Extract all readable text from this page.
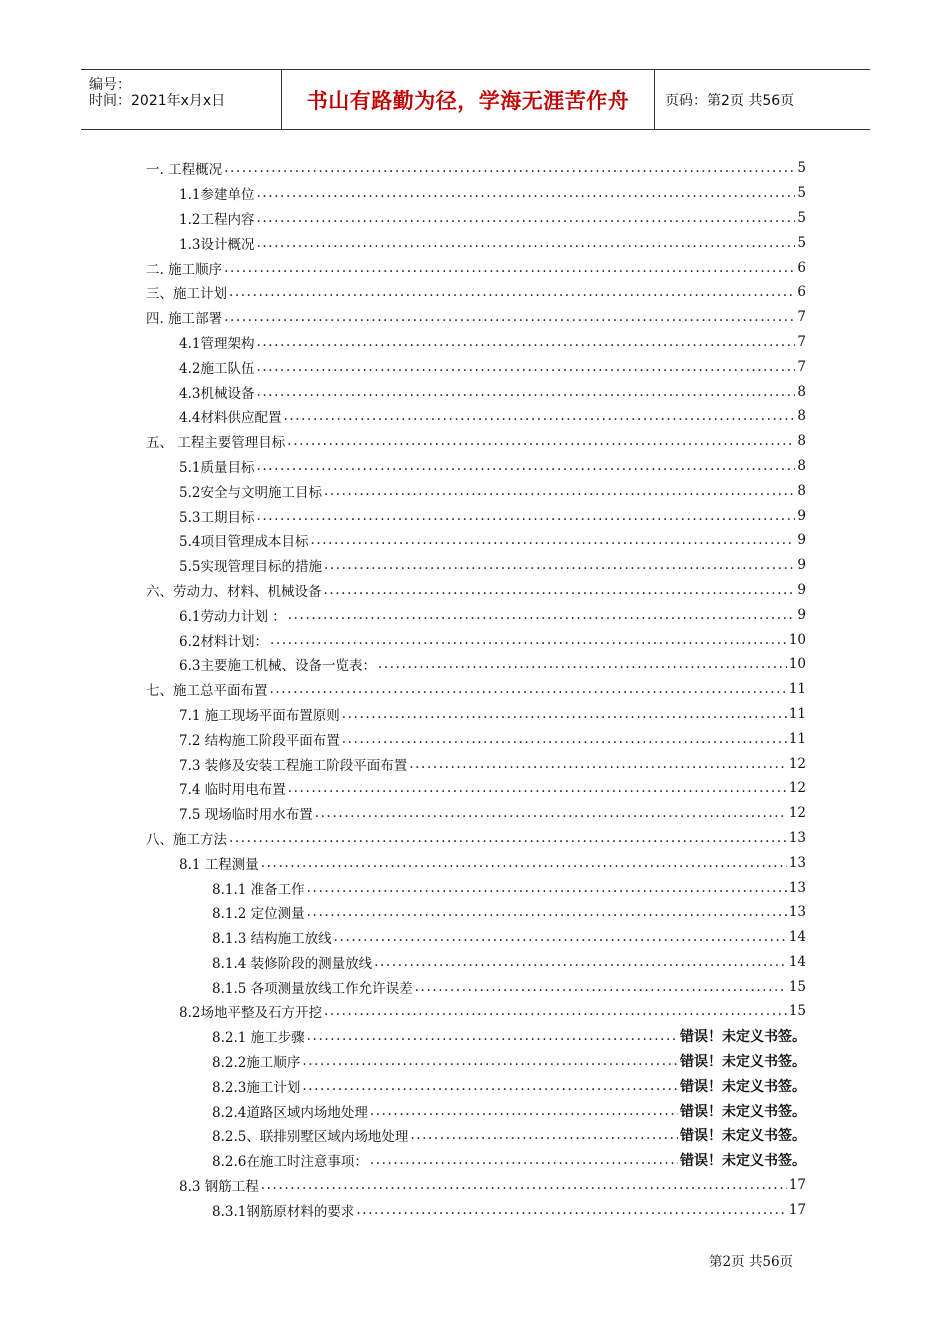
编号：
时间：2021年x月x日	书山有路勤为径，学海无涯苦作舟	页码：第2页 共56页
一. 工程概况 .....	5
1.1参建单位 .....	5
1.2工程内容 .....	5
1.3设计概况 .....	5
二. 施工顺序 .....	6
三、施工计划 .....	6
四. 施工部署 .....	7
4.1管理架构 .....	7
4.2施工队伍 .....	7
4.3机械设备 .....	8
4.4材料供应配置 .....	8
五、 工程主要管理目标 .....	8
5.1质量目标 .....	8
5.2安全与文明施工目标 .....	8
5.3工期目标 .....	9
5.4项目管理成本目标 .....	9
5.5实现管理目标的措施 .....	9
六、劳动力、材料、机械设备 .....	9
6.1劳动力计划 ： .....	9
6.2材料计划： .....	10
6.3主要施工机械、设备一览表： .....	10
七、施工总平面布置 .....	11
7.1 施工现场平面布置原则 .....	11
7.2 结构施工阶段平面布置 .....	11
7.3 装修及安装工程施工阶段平面布置 .....	12
7.4 临时用电布置 .....	12
7.5 现场临时用水布置 .....	12
八、施工方法 .....	13
8.1 工程测量 .....	13
8.1.1 准备工作 .....	13
8.1.2 定位测量 .....	13
8.1.3 结构施工放线 .....	14
8.1.4 装修阶段的测量放线 .....	14
8.1.5 各项测量放线工作允许误差 .....	15
8.2场地平整及石方开挖 .....	15
8.2.1 施工步骤 .....	错误！未定义书签。
8.2.2施工顺序 .....	错误！未定义书签。
8.2.3施工计划 .....	错误！未定义书签。
8.2.4道路区域内场地处理 .....	错误！未定义书签。
8.2.5、联排别墅区域内场地处理 .....	错误！未定义书签。
8.2.6在施工时注意事项： .....	错误！未定义书签。
8.3 钢筋工程 .....	17
8.3.1钢筋原材料的要求 .....	17
第2页 共56页
